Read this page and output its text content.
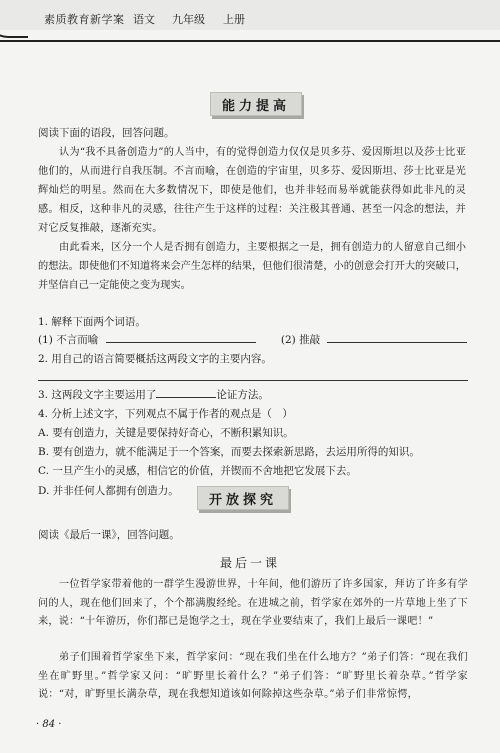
素质教育新学案 语文 九年级 上册
能力提高
阅读下面的语段，回答问题。
认为“我不具备创造力”的人当中，有的觉得创造力仅仅是贝多芬、爱因斯坦以及莎士比亚他们的，从而进行自我压制。不言而喻，在创造的宇宙里，贝多芬、爱因斯坦、莎士比亚是光辉灿烂的明星。然而在大多数情况下，即使是他们，也并非轻而易举就能获得如此非凡的灵感。相反，这种非凡的灵感，往往产生于这样的过程：关注极其普通、甚至一闪念的想法，并对它反复推敲，逐渐充实。
由此看来，区分一个人是否拥有创造力，主要根据之一是，拥有创造力的人留意自己细小的想法。即使他们不知道将来会产生怎样的结果，但他们很清楚，小的创意会打开大的突破口，并坚信自己一定能使之变为现实。
1. 解释下面两个词语。
(1) 不言而喻	(2) 推敲
2. 用自己的语言简要概括这两段文字的主要内容。
3. 这两段文字主要运用了	论证方法。
4. 分析上述文字，下列观点不属于作者的观点是（　）
A. 要有创造力，关键是要保持好奇心，不断积累知识。
B. 要有创造力，就不能满足于一个答案，而要去探索新思路，去运用所得的知识。
C. 一旦产生小的灵感，相信它的价值，并锲而不舍地把它发展下去。
D. 并非任何人都拥有创造力。
开放探究
阅读《最后一课》，回答问题。
最后一课
一位哲学家带着他的一群学生漫游世界，十年间，他们游历了许多国家，拜访了许多有学问的人，现在他们回来了，个个都满腹经纶。在进城之前，哲学家在郊外的一片草地上坐了下来，说：“十年游历，你们都已是饱学之士，现在学业要结束了，我们上最后一课吧！”
弟子们围着哲学家坐下来，哲学家问：“现在我们坐在什么地方？”弟子们答：“现在我们坐在旷野里。”哲学家又问：“旷野里长着什么？”弟子们答：“旷野里长着杂草。”哲学家说：“对，旷野里长满杂草，现在我想知道该如何除掉这些杂草。”弟子们非常惊愕，
· 84 ·
